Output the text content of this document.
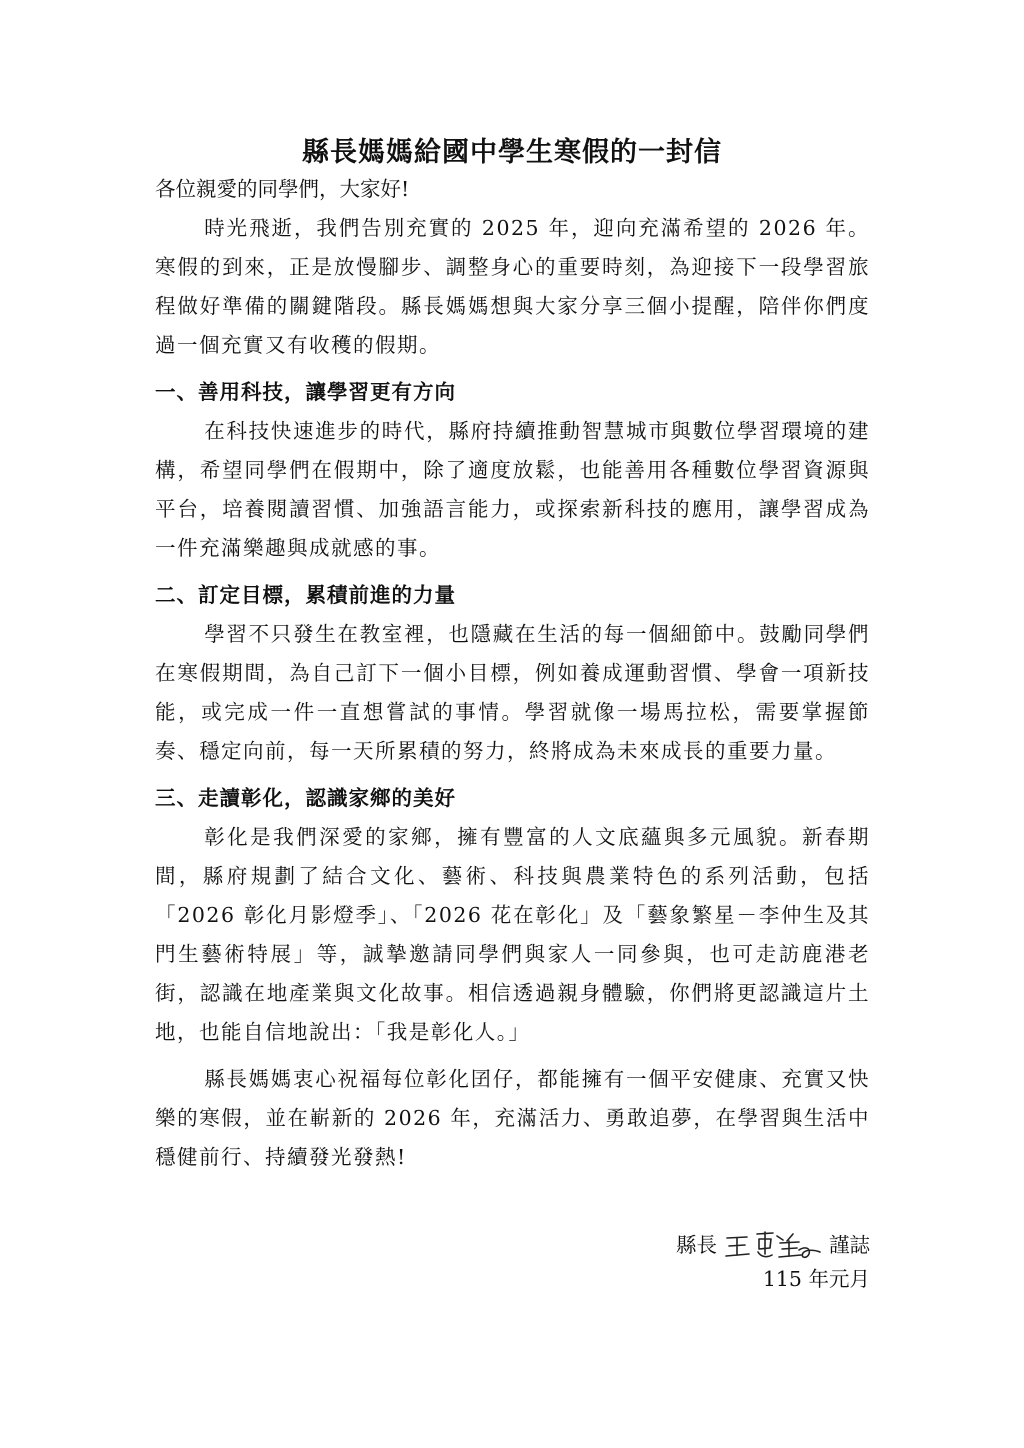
縣長媽媽給國中學生寒假的一封信

各位親愛的同學們，大家好!

時光飛逝，我們告別充實的 2025 年，迎向充滿希望的 2026 年。寒假的到來，正是放慢腳步、調整身心的重要時刻，為迎接下一段學習旅程做好準備的關鍵階段。縣長媽媽想與大家分享三個小提醒，陪伴你們度過一個充實又有收穫的假期。

一、善用科技，讓學習更有方向

在科技快速進步的時代，縣府持續推動智慧城市與數位學習環境的建構，希望同學們在假期中，除了適度放鬆，也能善用各種數位學習資源與平台，培養閱讀習慣、加強語言能力，或探索新科技的應用，讓學習成為一件充滿樂趣與成就感的事。

二、訂定目標，累積前進的力量

學習不只發生在教室裡，也隱藏在生活的每一個細節中。鼓勵同學們在寒假期間，為自己訂下一個小目標，例如養成運動習慣、學會一項新技能，或完成一件一直想嘗試的事情。學習就像一場馬拉松，需要掌握節奏、穩定向前，每一天所累積的努力，終將成為未來成長的重要力量。

三、走讀彰化，認識家鄉的美好

彰化是我們深愛的家鄉，擁有豐富的人文底蘊與多元風貌。新春期間，縣府規劃了結合文化、藝術、科技與農業特色的系列活動，包括「2026 彰化月影燈季」、「2026 花在彰化」及「藝象繁星－李仲生及其門生藝術特展」等，誠摯邀請同學們與家人一同參與，也可走訪鹿港老街，認識在地產業與文化故事。相信透過親身體驗，你們將更認識這片土地，也能自信地說出：「我是彰化人。」

縣長媽媽衷心祝福每位彰化囝仔，都能擁有一個平安健康、充實又快樂的寒假，並在嶄新的 2026 年，充滿活力、勇敢追夢，在學習與生活中穩健前行、持續發光發熱!

縣長	謹誌
115 年元月
